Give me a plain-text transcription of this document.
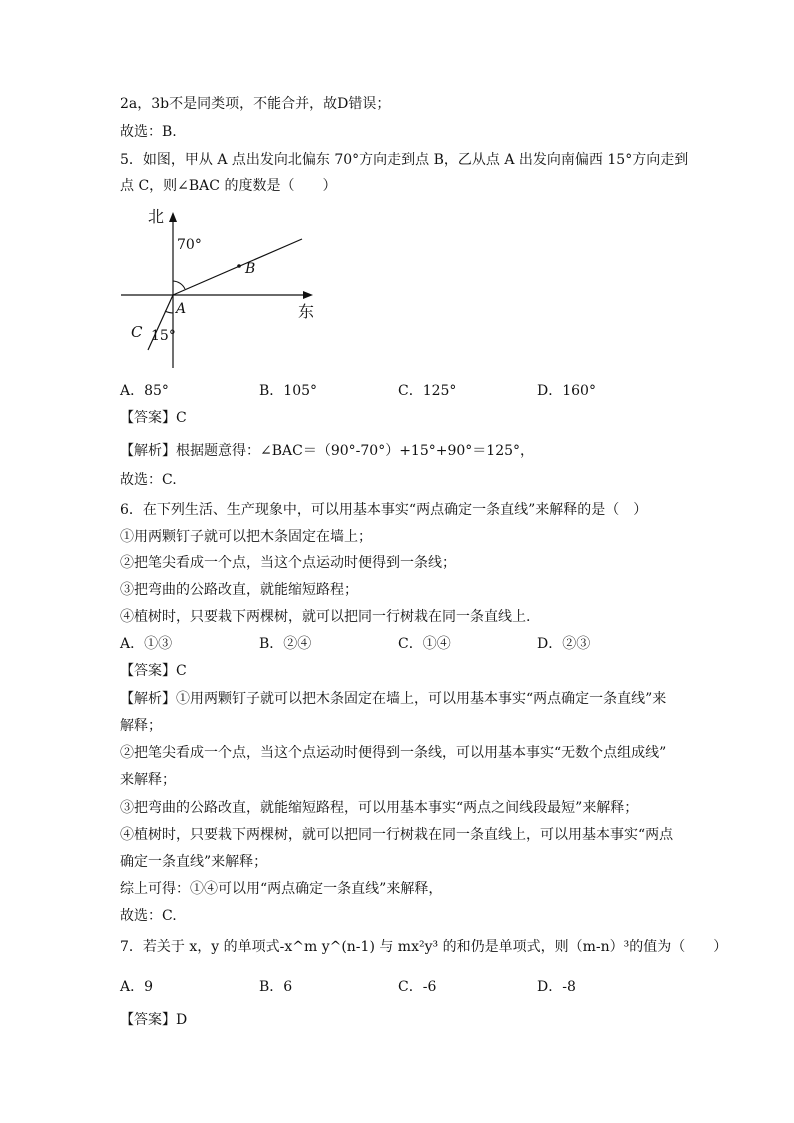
2a，3b不是同类项，不能合并，故D错误；
故选：B.
5．如图，甲从 A 点出发向北偏东 70°方向走到点 B，乙从点 A 出发向南偏西 15°方向走到
点 C，则∠BAC 的度数是（　　）
北
东
70°
B
A
C 15°
A．85°	B．105°	C．125°	D．160°
【答案】C
【解析】根据题意得：∠BAC＝（90°-70°）+15°+90°＝125°，
故选：C.
6．在下列生活、生产现象中，可以用基本事实“两点确定一条直线”来解释的是（　）
①用两颗钉子就可以把木条固定在墙上；
②把笔尖看成一个点，当这个点运动时便得到一条线；
③把弯曲的公路改直，就能缩短路程；
④植树时，只要栽下两棵树，就可以把同一行树栽在同一条直线上.
A．①③	B．②④	C．①④	D．②③
【答案】C
【解析】①用两颗钉子就可以把木条固定在墙上，可以用基本事实“两点确定一条直线”来
解释；
②把笔尖看成一个点，当这个点运动时便得到一条线，可以用基本事实“无数个点组成线”
来解释；
③把弯曲的公路改直，就能缩短路程，可以用基本事实“两点之间线段最短”来解释；
④植树时，只要栽下两棵树，就可以把同一行树栽在同一条直线上，可以用基本事实“两点
确定一条直线”来解释；
综上可得：①④可以用“两点确定一条直线”来解释，
故选：C.
7．若关于 x，y 的单项式-x^m y^(n-1) 与 mx²y³ 的和仍是单项式，则（m-n）³的值为（　　）
A．9	B．6	C．-6	D．-8
【答案】D
